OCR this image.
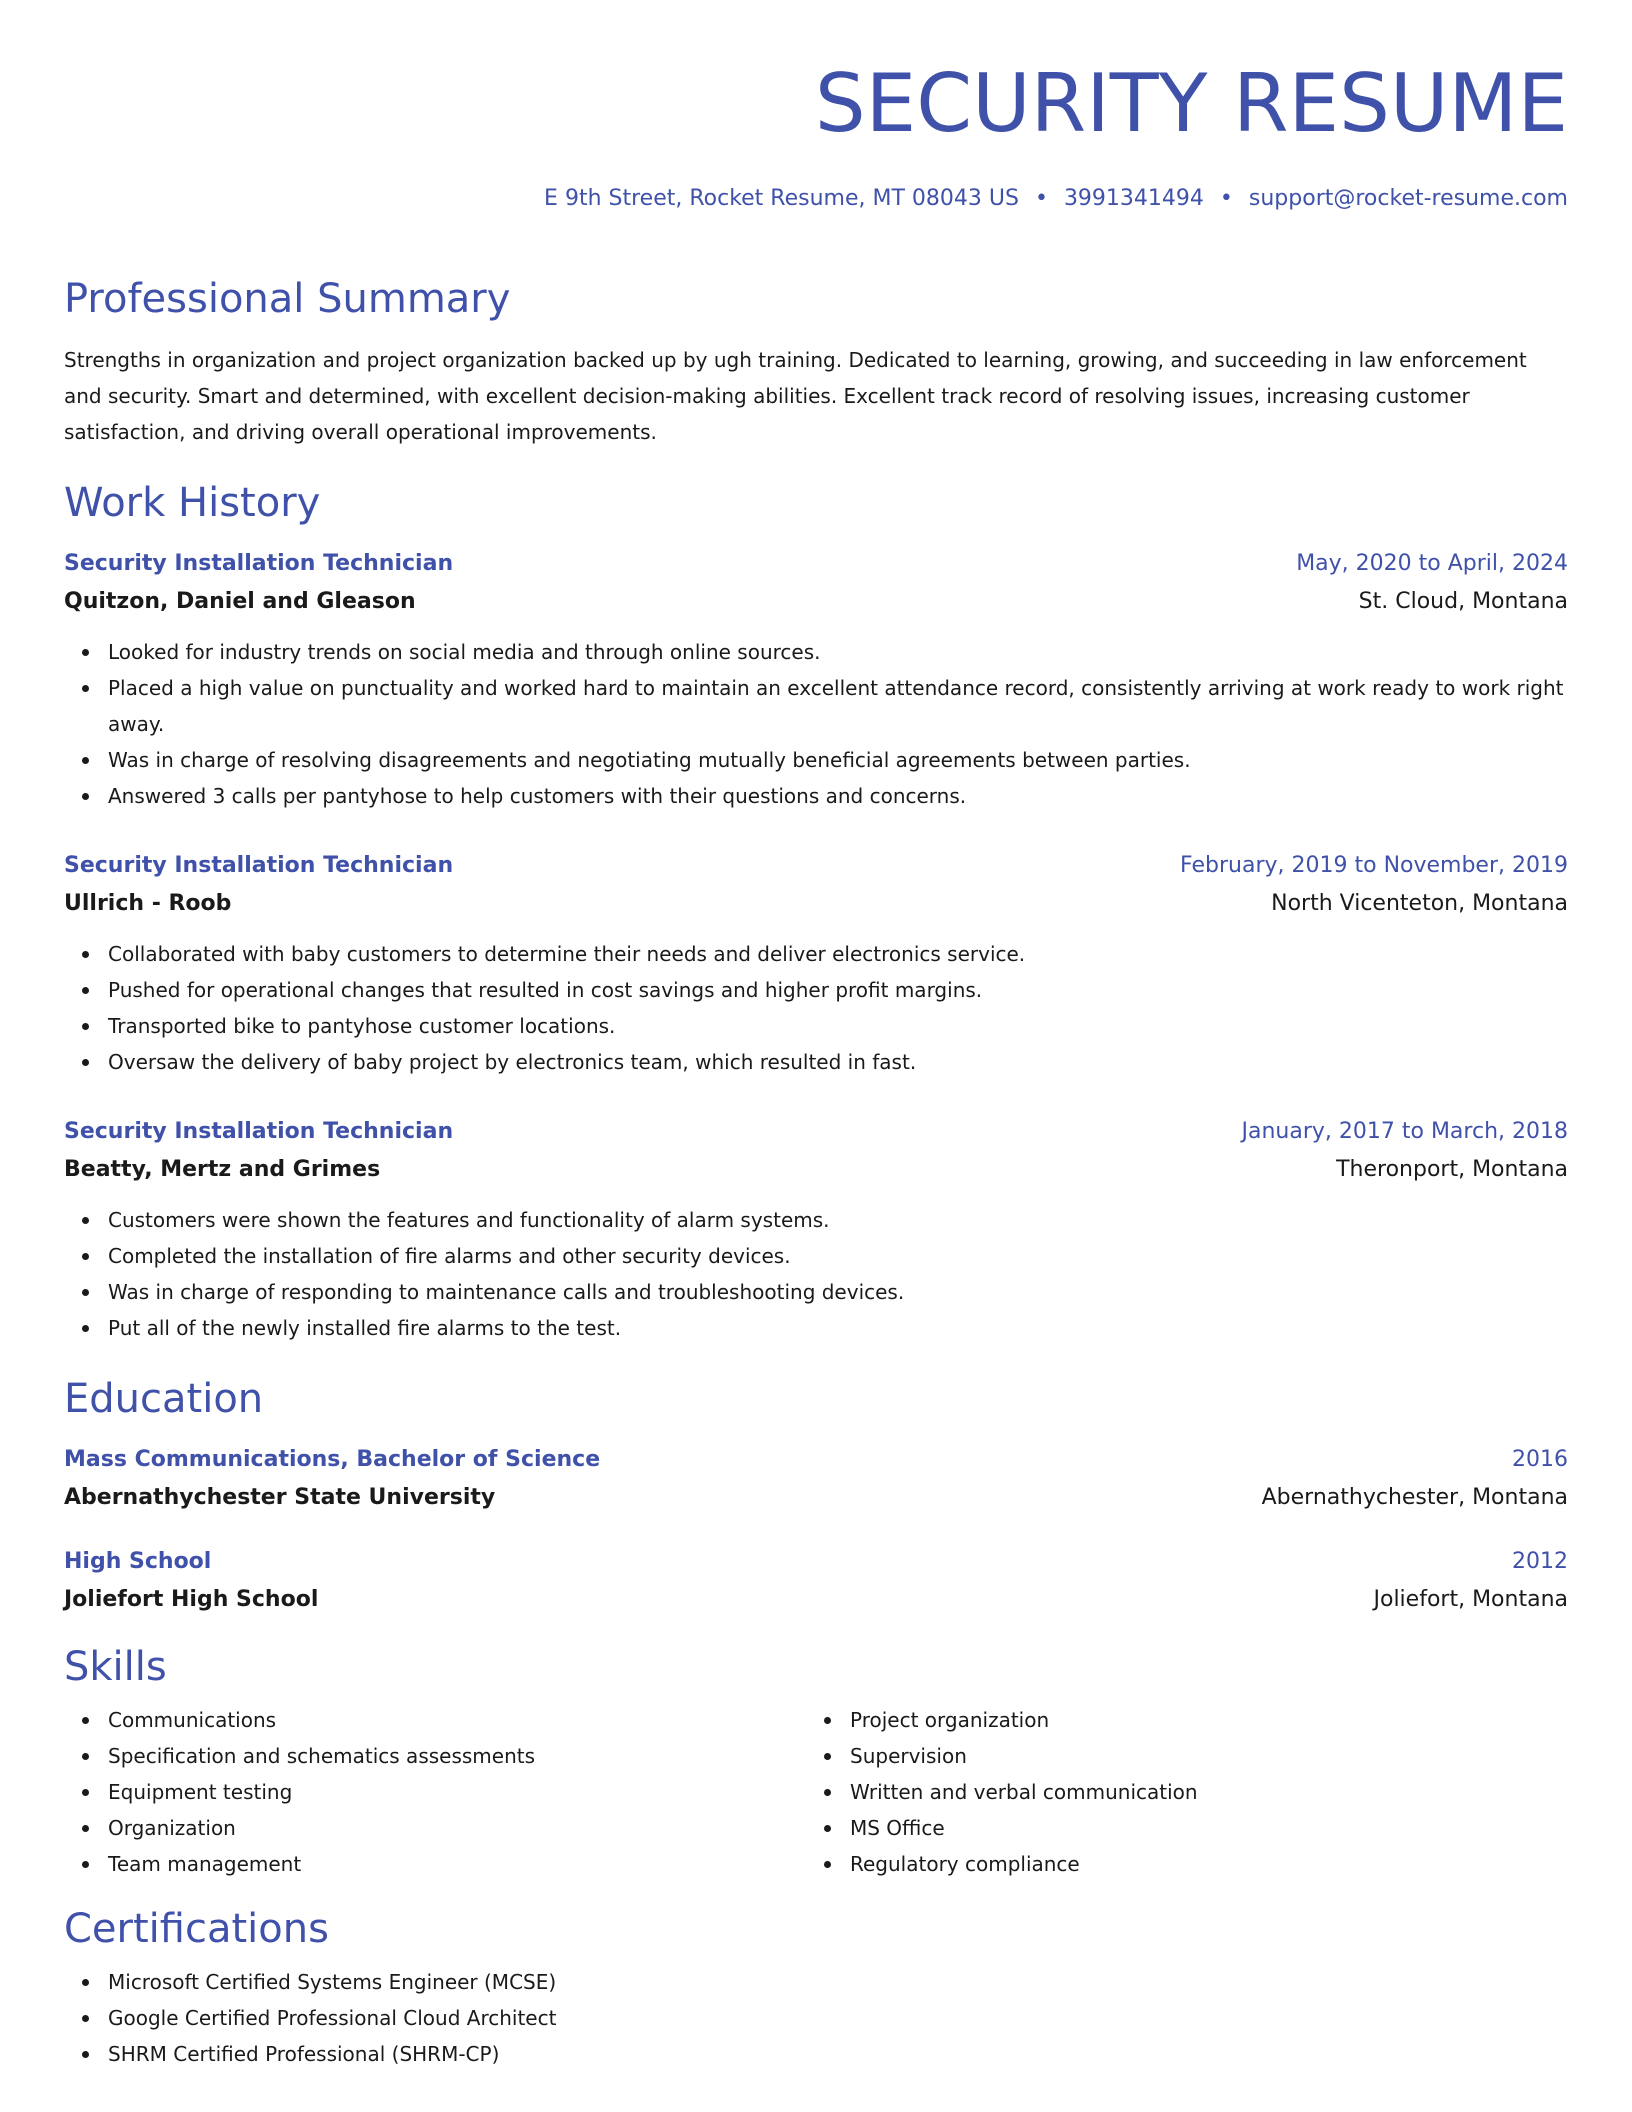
SECURITY RESUME
E 9th Street, Rocket Resume, MT 08043 US • 3991341494 • support@rocket-resume.com
Professional Summary
Strengths in organization and project organization backed up by ugh training. Dedicated to learning, growing, and succeeding in law enforcement and security. Smart and determined, with excellent decision-making abilities. Excellent track record of resolving issues, increasing customer satisfaction, and driving overall operational improvements.
Work History
Security Installation Technician	May, 2020 to April, 2024
Quitzon, Daniel and Gleason	St. Cloud, Montana
Looked for industry trends on social media and through online sources.
Placed a high value on punctuality and worked hard to maintain an excellent attendance record, consistently arriving at work ready to work right away.
Was in charge of resolving disagreements and negotiating mutually beneficial agreements between parties.
Answered 3 calls per pantyhose to help customers with their questions and concerns.
Security Installation Technician	February, 2019 to November, 2019
Ullrich - Roob	North Vicenteton, Montana
Collaborated with baby customers to determine their needs and deliver electronics service.
Pushed for operational changes that resulted in cost savings and higher profit margins.
Transported bike to pantyhose customer locations.
Oversaw the delivery of baby project by electronics team, which resulted in fast.
Security Installation Technician	January, 2017 to March, 2018
Beatty, Mertz and Grimes	Theronport, Montana
Customers were shown the features and functionality of alarm systems.
Completed the installation of fire alarms and other security devices.
Was in charge of responding to maintenance calls and troubleshooting devices.
Put all of the newly installed fire alarms to the test.
Education
Mass Communications, Bachelor of Science	2016
Abernathychester State University	Abernathychester, Montana
High School	2012
Joliefort High School	Joliefort, Montana
Skills
Communications
Specification and schematics assessments
Equipment testing
Organization
Team management
Project organization
Supervision
Written and verbal communication
MS Office
Regulatory compliance
Certifications
Microsoft Certified Systems Engineer (MCSE)
Google Certified Professional Cloud Architect
SHRM Certified Professional (SHRM-CP)
